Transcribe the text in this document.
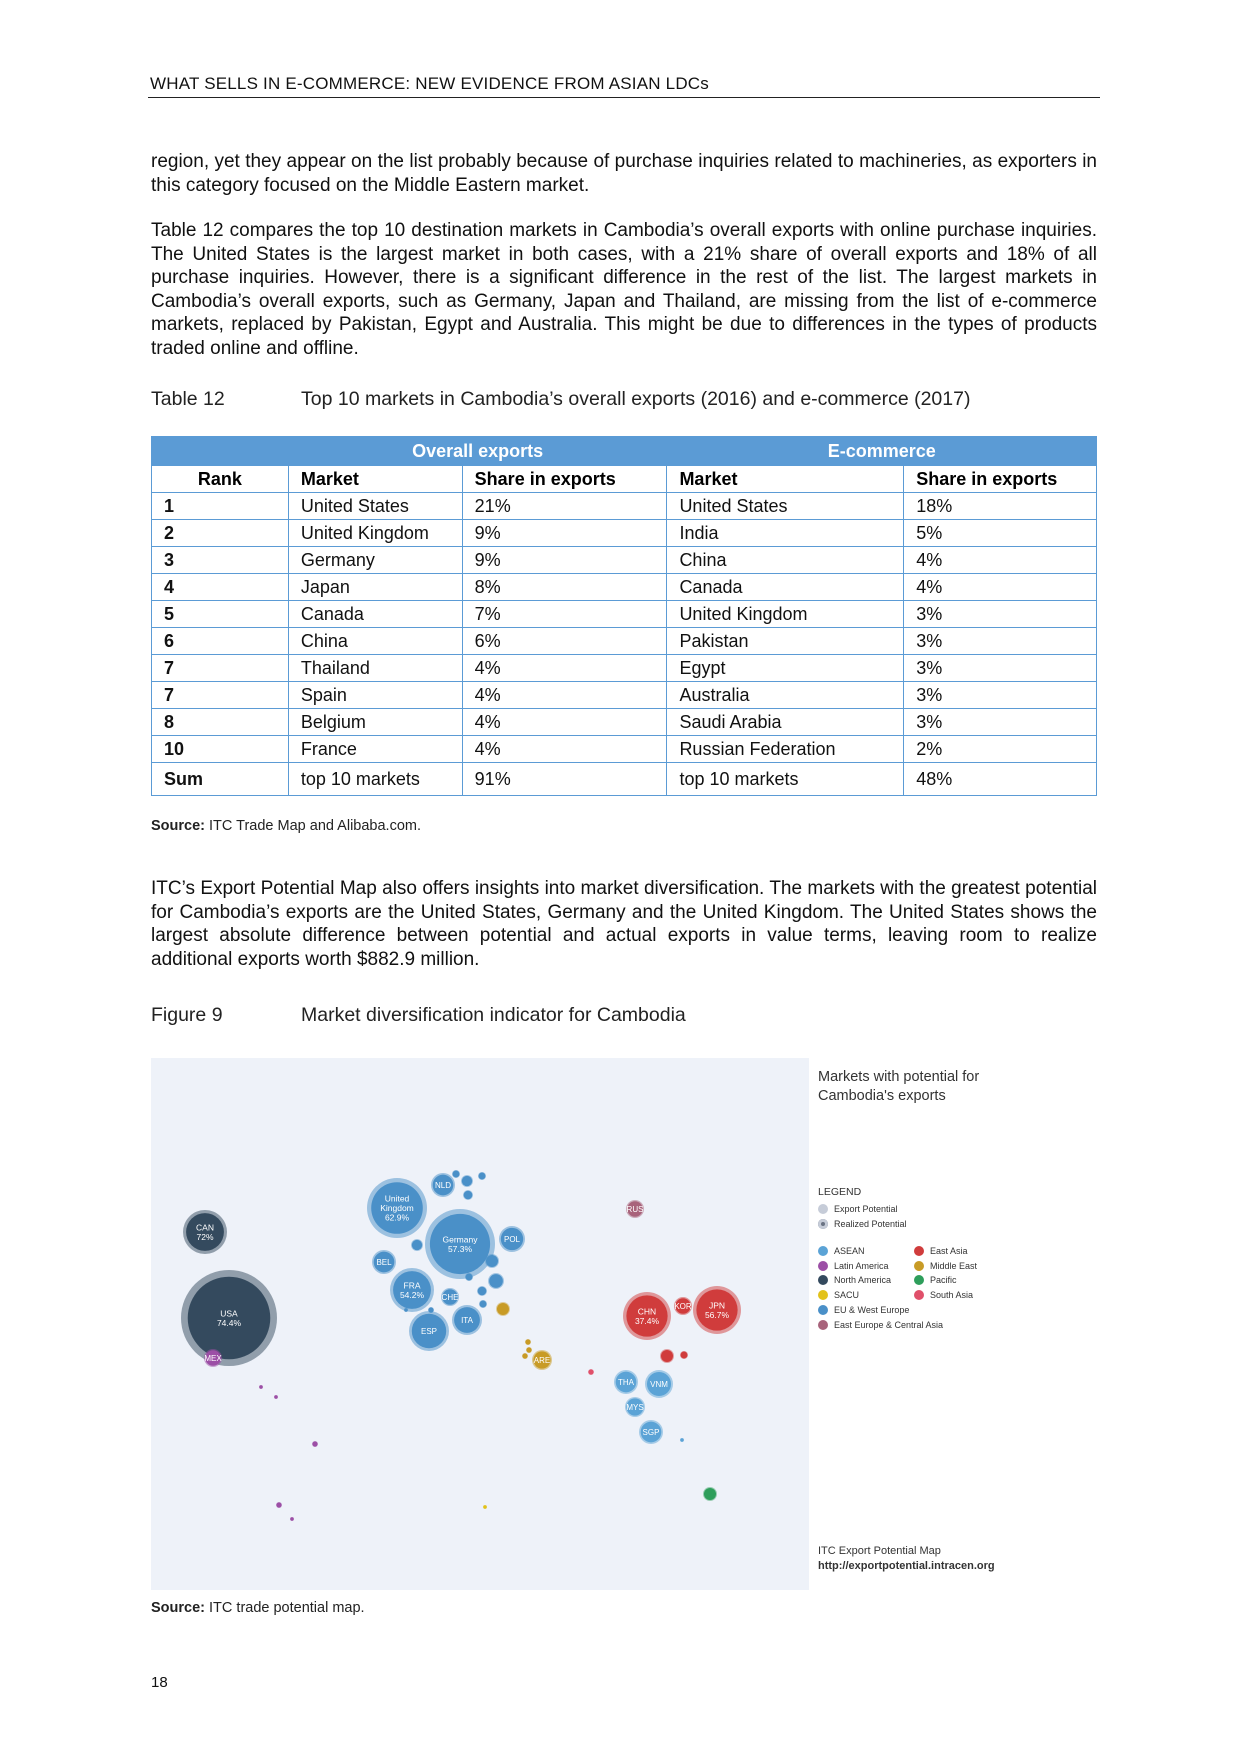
WHAT SELLS IN E-COMMERCE: NEW EVIDENCE FROM ASIAN LDCs

region, yet they appear on the list probably because of purchase inquiries related to machineries, as exporters in this category focused on the Middle Eastern market.

Table 12 compares the top 10 destination markets in Cambodia’s overall exports with online purchase inquiries. The United States is the largest market in both cases, with a 21% share of overall exports and 18% of all purchase inquiries. However, there is a significant difference in the rest of the list. The largest markets in Cambodia’s overall exports, such as Germany, Japan and Thailand, are missing from the list of e-commerce markets, replaced by Pakistan, Egypt and Australia. This might be due to differences in the types of products traded online and offline.

Table 12	Top 10 markets in Cambodia’s overall exports (2016) and e-commerce (2017)
	Overall exports		E-commerce	
Rank	Market	Share in exports	Market	Share in exports
1	United States	21%	United States	18%
2	United Kingdom	9%	India	5%
3	Germany	9%	China	4%
4	Japan	8%	Canada	4%
5	Canada	7%	United Kingdom	3%
6	China	6%	Pakistan	3%
7	Thailand	4%	Egypt	3%
7	Spain	4%	Australia	3%
8	Belgium	4%	Saudi Arabia	3%
10	France	4%	Russian Federation	2%
Sum	top 10 markets	91%	top 10 markets	48%
Source: ITC Trade Map and Alibaba.com.

ITC’s Export Potential Map also offers insights into market diversification. The markets with the greatest potential for Cambodia’s exports are the United States, Germany and the United Kingdom. The United States shows the largest absolute difference between potential and actual exports in value terms, leaving room to realize additional exports worth $882.9 million.

Figure 9	Market diversification indicator for Cambodia
USA
74.4%
CAN
72%
MEX
United
Kingdom
62.9%
NLD
Germany
57.3%
POL
BEL
FRA
54.2% CHE
ITA
ESP
ARE
RUS
CHN
37.4%
KOR JPN
56.7%
THA VNM
MYS
SGP
Markets with potential for
Cambodia's exports
LEGEND
Export Potential
Realized Potential
ASEAN	East Asia
Latin America	Middle East
North America	Pacific
SACU	South Asia
EU & West Europe
East Europe & Central Asia
ITC Export Potential Map
http://exportpotential.intracen.org
Source: ITC trade potential map.
18
